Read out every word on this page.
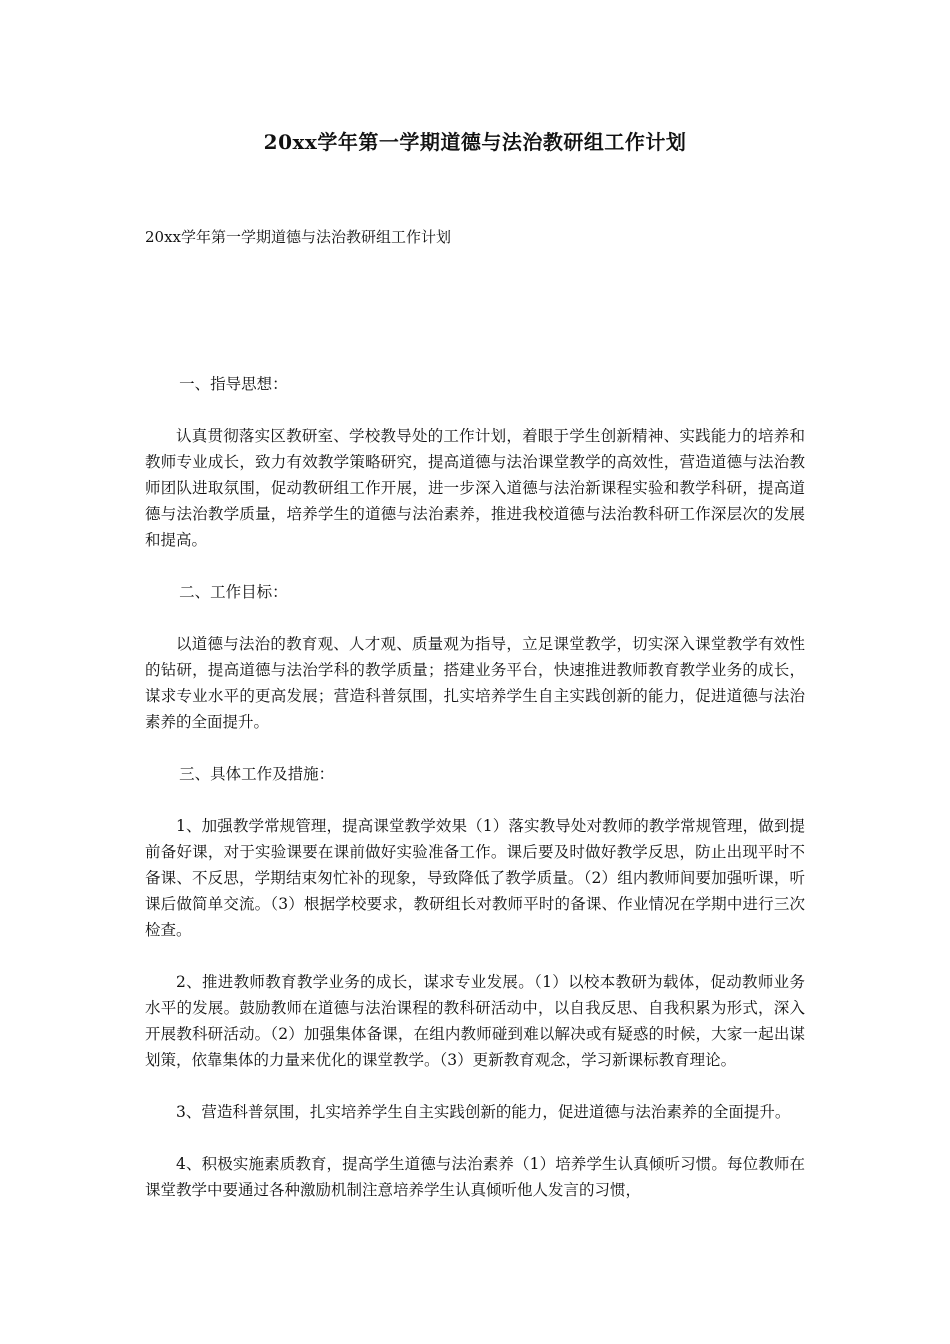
20xx学年第一学期道德与法治教研组工作计划

20xx学年第一学期道德与法治教研组工作计划

一、指导思想：

认真贯彻落实区教研室、学校教导处的工作计划，着眼于学生创新精神、实践能力的培养和教师专业成长，致力有效教学策略研究，提高道德与法治课堂教学的高效性，营造道德与法治教师团队进取氛围，促动教研组工作开展，进一步深入道德与法治新课程实验和教学科研，提高道德与法治教学质量，培养学生的道德与法治素养，推进我校道德与法治教科研工作深层次的发展和提高。

二、工作目标：

以道德与法治的教育观、人才观、质量观为指导，立足课堂教学，切实深入课堂教学有效性的钻研，提高道德与法治学科的教学质量；搭建业务平台，快速推进教师教育教学业务的成长，谋求专业水平的更高发展；营造科普氛围，扎实培养学生自主实践创新的能力，促进道德与法治素养的全面提升。

三、具体工作及措施：

1、加强教学常规管理，提高课堂教学效果（1）落实教导处对教师的教学常规管理，做到提前备好课，对于实验课要在课前做好实验准备工作。课后要及时做好教学反思，防止出现平时不备课、不反思，学期结束匆忙补的现象，导致降低了教学质量。（2）组内教师间要加强听课，听课后做简单交流。（3）根据学校要求，教研组长对教师平时的备课、作业情况在学期中进行三次检查。

2、推进教师教育教学业务的成长，谋求专业发展。（1）以校本教研为载体，促动教师业务水平的发展。鼓励教师在道德与法治课程的教科研活动中，以自我反思、自我积累为形式，深入开展教科研活动。（2）加强集体备课，在组内教师碰到难以解决或有疑惑的时候，大家一起出谋划策，依靠集体的力量来优化的课堂教学。（3）更新教育观念，学习新课标教育理论。

3、营造科普氛围，扎实培养学生自主实践创新的能力，促进道德与法治素养的全面提升。

4、积极实施素质教育，提高学生道德与法治素养（1）培养学生认真倾听习惯。每位教师在课堂教学中要通过各种激励机制注意培养学生认真倾听他人发言的习惯，
